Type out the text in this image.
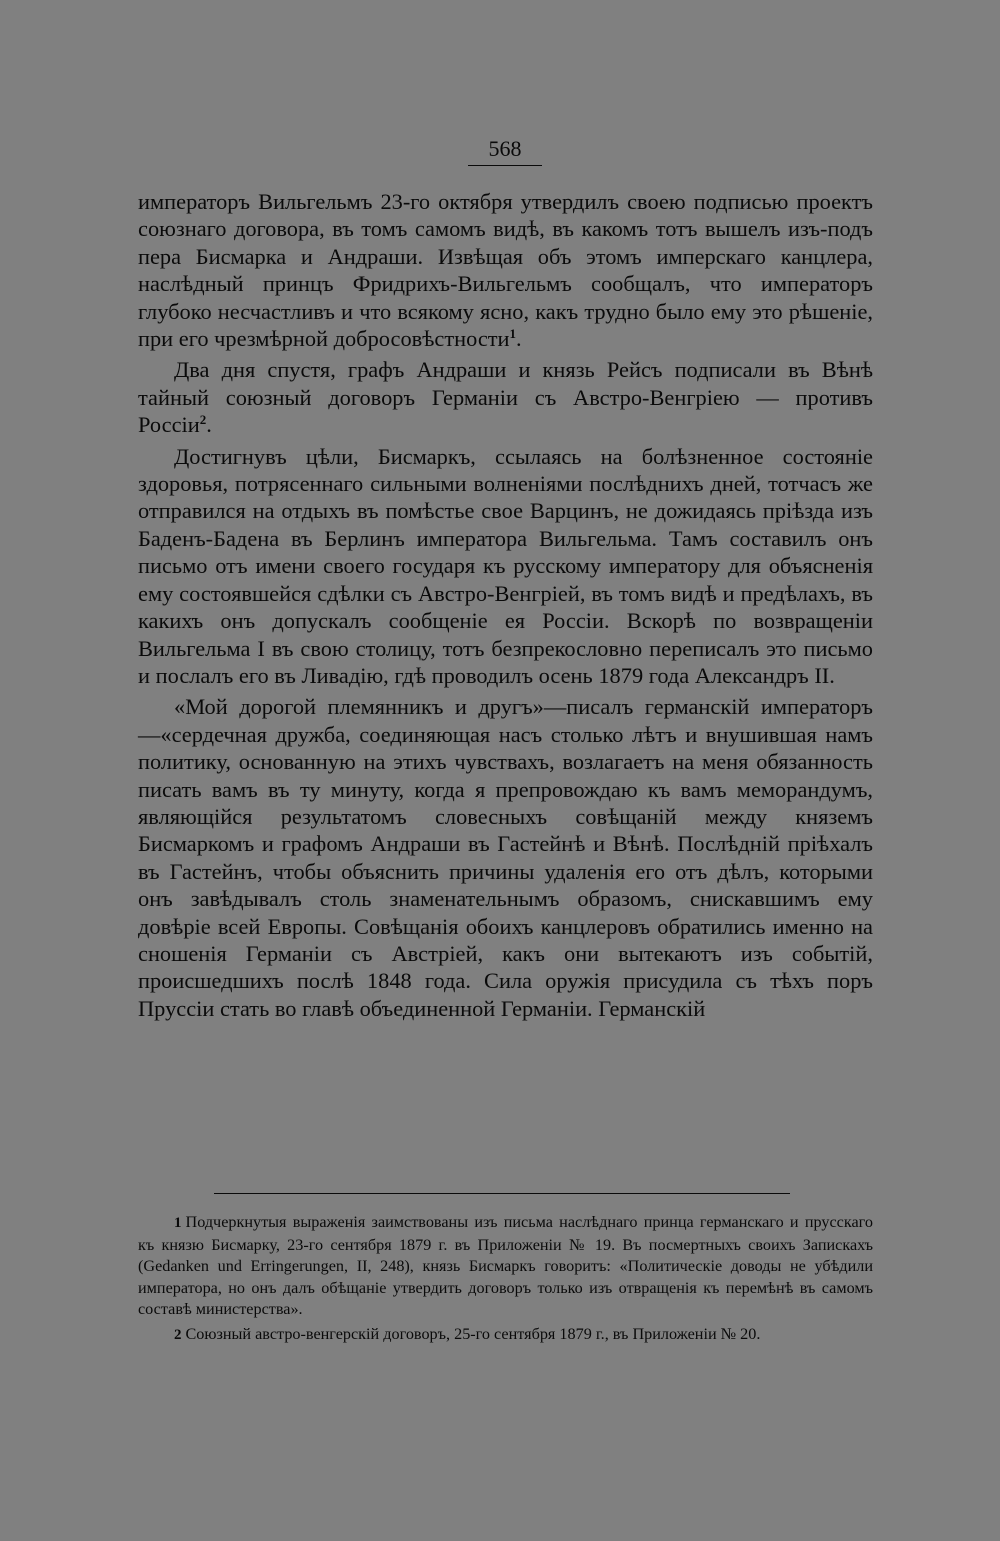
568

императоръ Вильгельмъ 23-го октября утвердилъ своею подписью проектъ союзнаго договора, въ томъ самомъ видѣ, въ какомъ тотъ вышелъ изъ-подъ пера Бисмарка и Андраши. Извѣщая объ этомъ имперскаго канцлера, наслѣдный принцъ Фридрихъ-Вильгельмъ сообщалъ, что императоръ глубоко несчастливъ и что всякому ясно, какъ трудно было ему это рѣшеніе, при его чрезмѣрной добросовѣстности$^1$.

Два дня спустя, графъ Андраши и князь Рейсъ подписали въ Вѣнѣ тайный союзный договоръ Германіи съ Австро-Венгріею — противъ Россіи$^2$.

Достигнувъ цѣли, Бисмаркъ, ссылаясь на болѣзненное состояніе здоровья, потрясеннаго сильными волненіями послѣднихъ дней, тотчасъ же отправился на отдыхъ въ помѣстье свое Варцинъ, не дожидаясь пріѣзда изъ Баденъ-Бадена въ Берлинъ императора Вильгельма. Тамъ составилъ онъ письмо отъ имени своего государя къ русскому императору для объясненія ему состоявшейся сдѣлки съ Австро-Венгріей, въ томъ видѣ и предѣлахъ, въ какихъ онъ допускалъ сообщеніе ея Россіи. Вскорѣ по возвращеніи Вильгельма I въ свою столицу, тотъ безпрекословно переписалъ это письмо и послалъ его въ Ливадію, гдѣ проводилъ осень 1879 года Александръ II.

«Мой дорогой племянникъ и другъ»—писалъ германскій императоръ—«сердечная дружба, соединяющая насъ столько лѣтъ и внушившая намъ политику, основанную на этихъ чувствахъ, возлагаетъ на меня обязанность писать вамъ въ ту минуту, когда я препровождаю къ вамъ меморандумъ, являющійся результатомъ словесныхъ совѣщаній между княземъ Бисмаркомъ и графомъ Андраши въ Гастейнѣ и Вѣнѣ. Послѣдній пріѣхалъ въ Гастейнъ, чтобы объяснить причины удаленія его отъ дѣлъ, которыми онъ завѣдывалъ столь знаменательнымъ образомъ, снискавшимъ ему довѣріе всей Европы. Совѣщанія обоихъ канцлеровъ обратились именно на сношенія Германіи съ Австріей, какъ они вытекаютъ изъ событій, происшедшихъ послѣ 1848 года. Сила оружія присудила съ тѣхъ поръ Пруссіи стать во главѣ объединенной Германіи. Германскій

1 Подчеркнутыя выраженія заимствованы изъ письма наслѣднаго принца германскаго и прусскаго къ князю Бисмарку, 23-го сентября 1879 г. въ Приложеніи № 19. Въ посмертныхъ своихъ Запискахъ (Gedanken und Erringerungen, II, 248), князь Бисмаркъ говоритъ: «Политическіе доводы не убѣдили императора, но онъ далъ обѣщаніе утвердить договоръ только изъ отвращенія къ перемѣнѣ въ самомъ составѣ министерства».

2 Союзный австро-венгерскій договоръ, 25-го сентября 1879 г., въ Приложеніи № 20.
